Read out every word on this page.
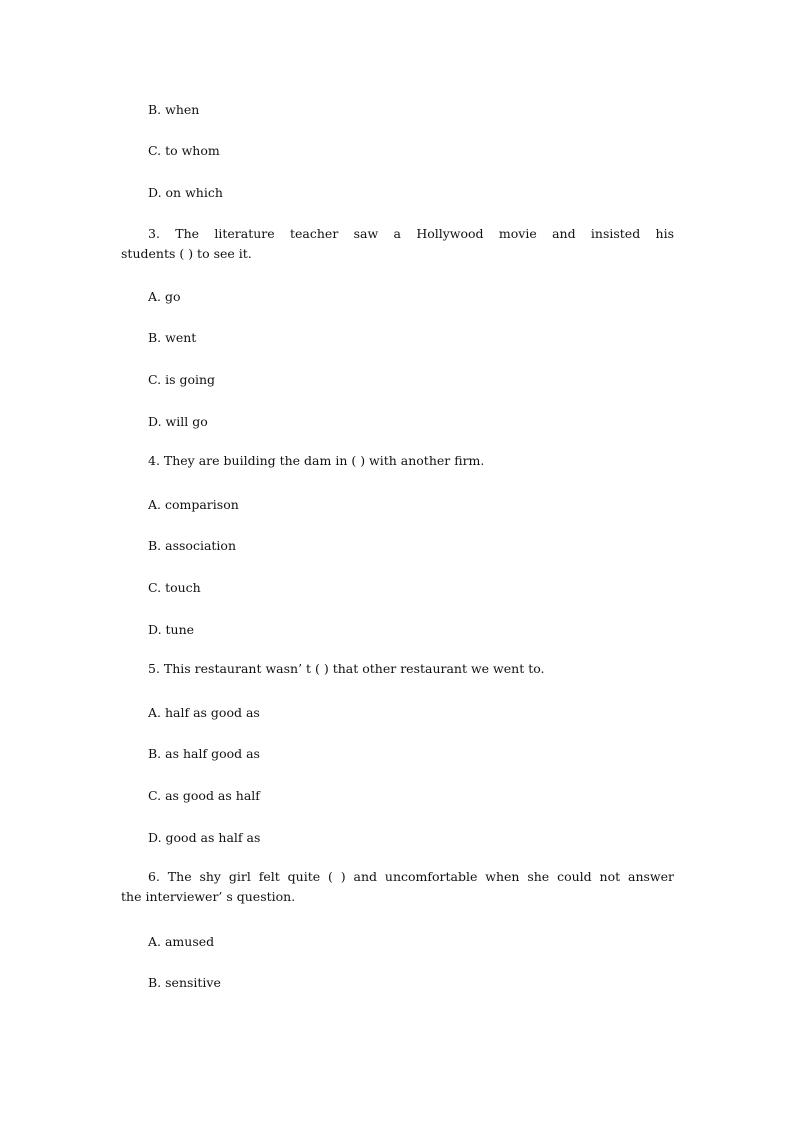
B. when

C. to whom

D. on which

3. The literature teacher saw a Hollywood movie and insisted his
students ( ) to see it.

A. go

B. went

C. is going

D. will go

4. They are building the dam in ( ) with another firm.

A. comparison

B. association

C. touch

D. tune

5. This restaurant wasn’ t ( ) that other restaurant we went to.

A. half as good as

B. as half good as

C. as good as half

D. good as half as

6. The shy girl felt quite ( ) and uncomfortable when she could not answer
the interviewer’ s question.

A. amused

B. sensitive
